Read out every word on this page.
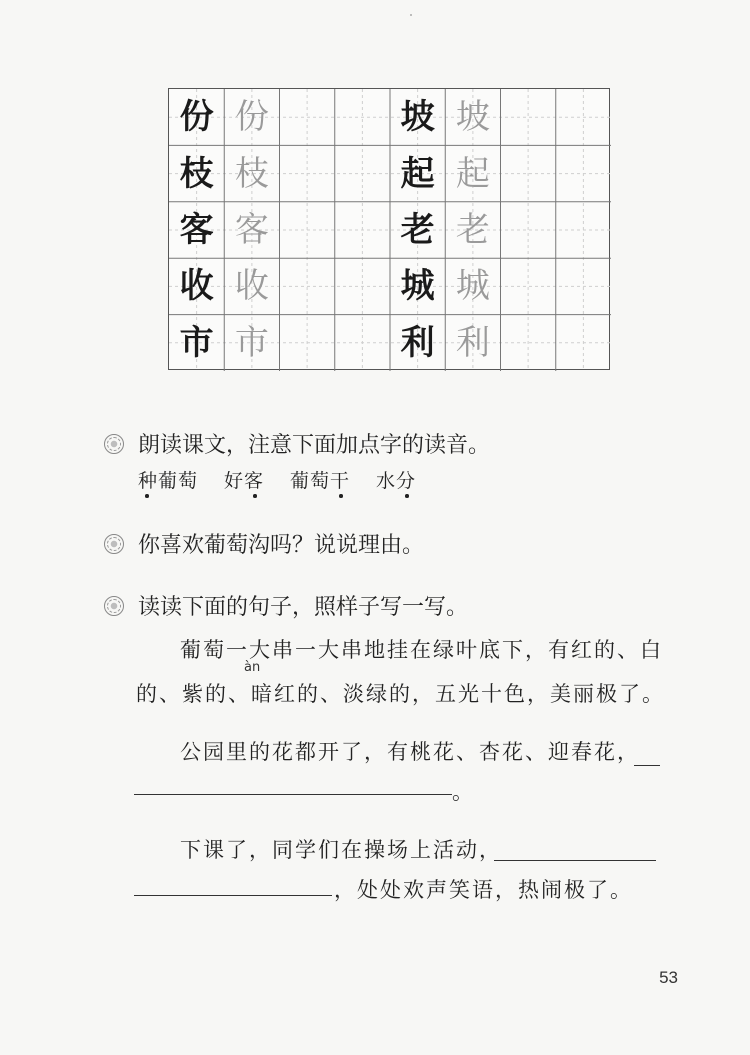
份 份	坡 坡
枝 枝	起 起
客 客	老 老
收 收	城 城
市 市	利 利
朗读课文，注意下面加点字的读音。
种葡萄 好客 葡萄干 水分
你喜欢葡萄沟吗？说说理由。
读读下面的句子，照样子写一写。
葡萄一大串一大串地挂在绿叶底下，有红的、白
àn
的、紫的、暗红的、淡绿的，五光十色，美丽极了。
公园里的花都开了，有桃花、杏花、迎春花，
。
下课了，同学们在操场上活动，
，处处欢声笑语，热闹极了。
53
